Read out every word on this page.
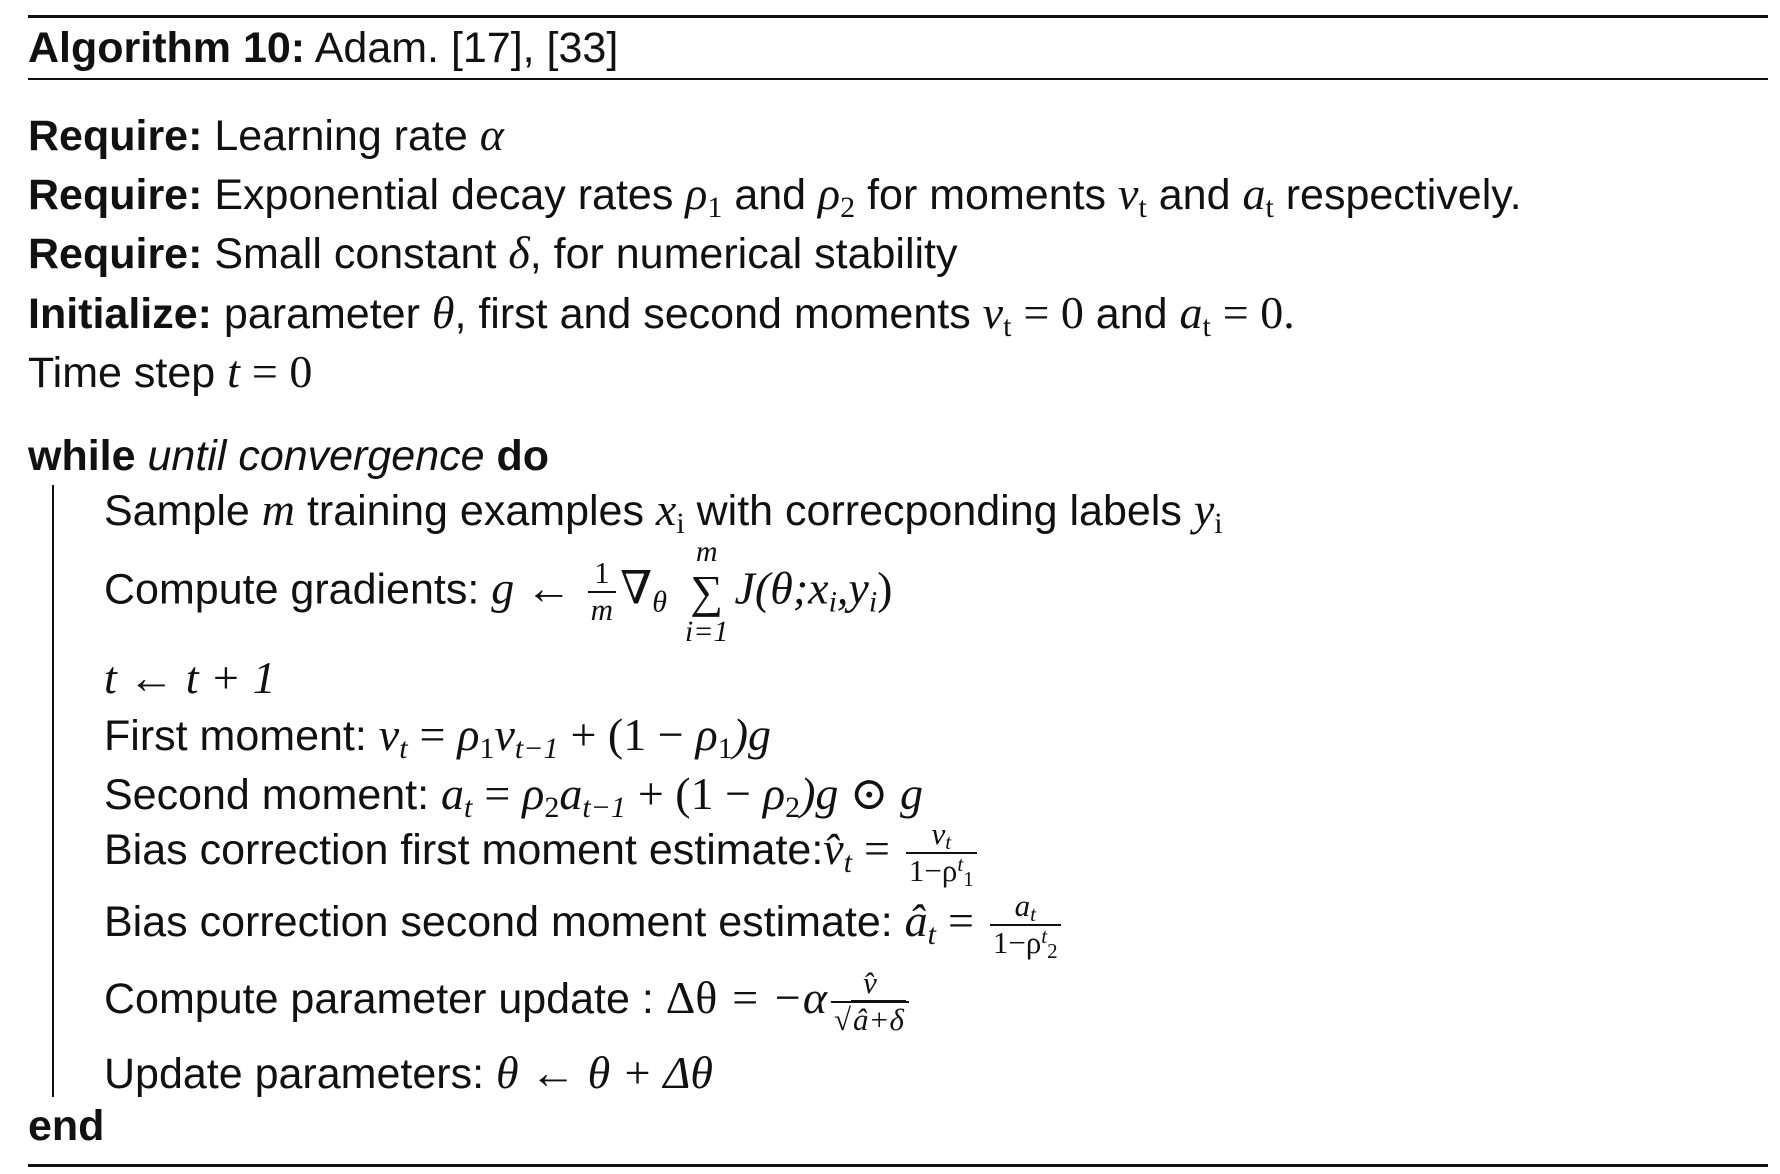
Algorithm 10: Adam. [17], [33]
Require: Learning rate α
Require: Exponential decay rates $\rho_1$ and $\rho_2$ for moments $v_t$ and $a_t$ respectively.
Require: Small constant δ, for numerical stability
Initialize: parameter θ, first and second moments $v_t = 0$ and $a_t = 0$.
Time step t = 0
while until convergence do
Sample m training examples $x_i$ with correcponding labels $y_i$
Compute gradients: g ← $\frac{1}{m} \nabla_\theta$
m
∑
i=1
$J(\theta;x_i,y_i)$
t ← t + 1
First moment: $v_t = \rho_1v_{t-1} + (1 - \rho_1)g$
Second moment: $a_t = \rho_2a_{t-1} + (1 - \rho_2)g$ ⊙ g
Bias correction first moment $estimate:v̂_t = \frac{v_t}{1-\rho^t_1}$
Bias correction second moment estimate: $â_t = \frac{a_t}{1-\rho^t_2}$
Compute parameter update : $\Delta\theta = -\alpha \frac{v̂}{√â+\delta}$
Update parameters: θ ← θ + Δθ
end
